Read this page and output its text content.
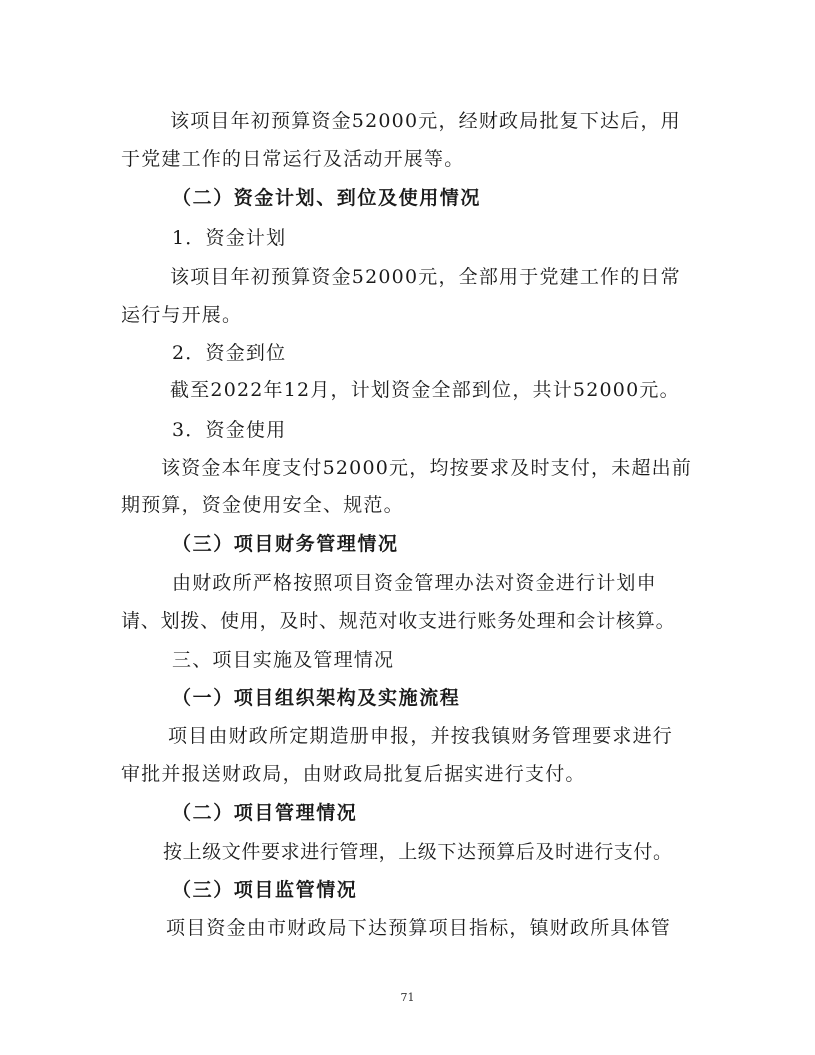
该项目年初预算资金52000元，经财政局批复下达后，用
于党建工作的日常运行及活动开展等。
（二）资金计划、到位及使用情况
1．资金计划
该项目年初预算资金52000元，全部用于党建工作的日常
运行与开展。
2．资金到位
截至2022年12月，计划资金全部到位，共计52000元。
3．资金使用
该资金本年度支付52000元，均按要求及时支付，未超出前
期预算，资金使用安全、规范。
（三）项目财务管理情况
由财政所严格按照项目资金管理办法对资金进行计划申
请、划拨、使用，及时、规范对收支进行账务处理和会计核算。
三、项目实施及管理情况
（一）项目组织架构及实施流程
项目由财政所定期造册申报，并按我镇财务管理要求进行
审批并报送财政局，由财政局批复后据实进行支付。
（二）项目管理情况
按上级文件要求进行管理，上级下达预算后及时进行支付。
（三）项目监管情况
项目资金由市财政局下达预算项目指标，镇财政所具体管
71
